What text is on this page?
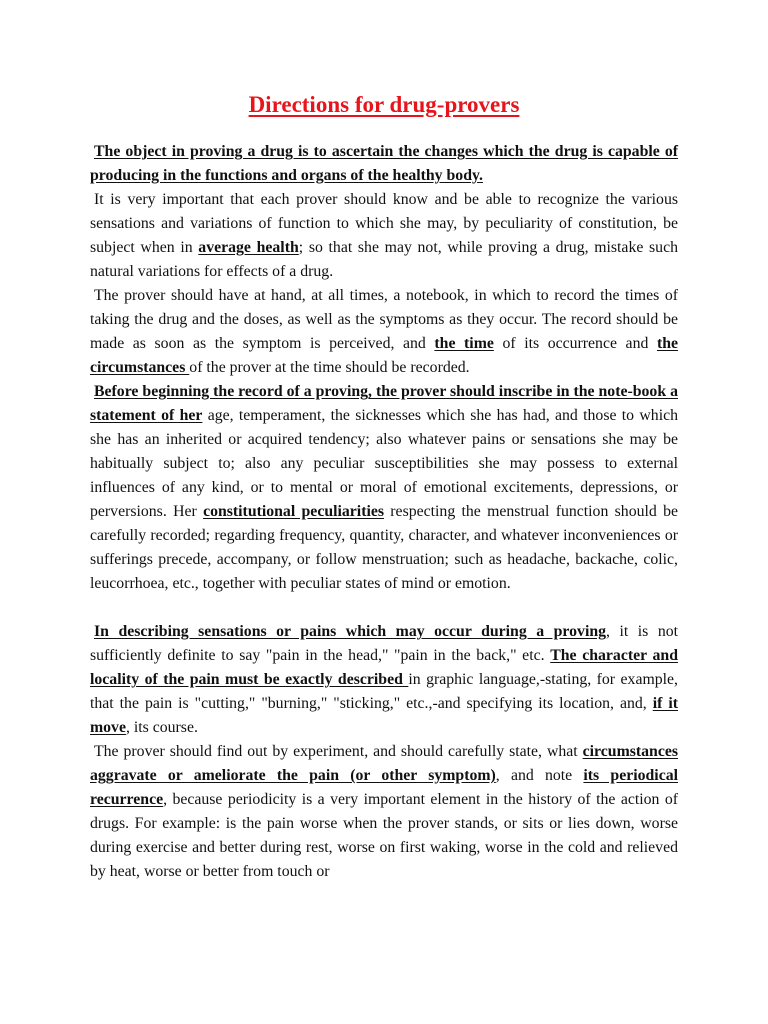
Directions for drug-provers

The object in proving a drug is to ascertain the changes which the drug is capable of producing in the functions and organs of the healthy body.

It is very important that each prover should know and be able to recognize the various sensations and variations of function to which she may, by peculiarity of constitution, be subject when in average health; so that she may not, while proving a drug, mistake such natural variations for effects of a drug.

The prover should have at hand, at all times, a notebook, in which to record the times of taking the drug and the doses, as well as the symptoms as they occur. The record should be made as soon as the symptom is perceived, and the time of its occurrence and the circumstances of the prover at the time should be recorded.

Before beginning the record of a proving, the prover should inscribe in the note-book a statement of her age, temperament, the sicknesses which she has had, and those to which she has an inherited or acquired tendency; also whatever pains or sensations she may be habitually subject to; also any peculiar susceptibilities she may possess to external influences of any kind, or to mental or moral of emotional excitements, depressions, or perversions. Her constitutional peculiarities respecting the menstrual function should be carefully recorded; regarding frequency, quantity, character, and whatever inconveniences or sufferings precede, accompany, or follow menstruation; such as headache, backache, colic, leucorrhoea, etc., together with peculiar states of mind or emotion.

In describing sensations or pains which may occur during a proving, it is not sufficiently definite to say "pain in the head," "pain in the back," etc. The character and locality of the pain must be exactly described in graphic language,-stating, for example, that the pain is "cutting," "burning," "sticking," etc.,-and specifying its location, and, if it move, its course.

The prover should find out by experiment, and should carefully state, what circumstances aggravate or ameliorate the pain (or other symptom), and note its periodical recurrence, because periodicity is a very important element in the history of the action of drugs. For example: is the pain worse when the prover stands, or sits or lies down, worse during exercise and better during rest, worse on first waking, worse in the cold and relieved by heat, worse or better from touch or
